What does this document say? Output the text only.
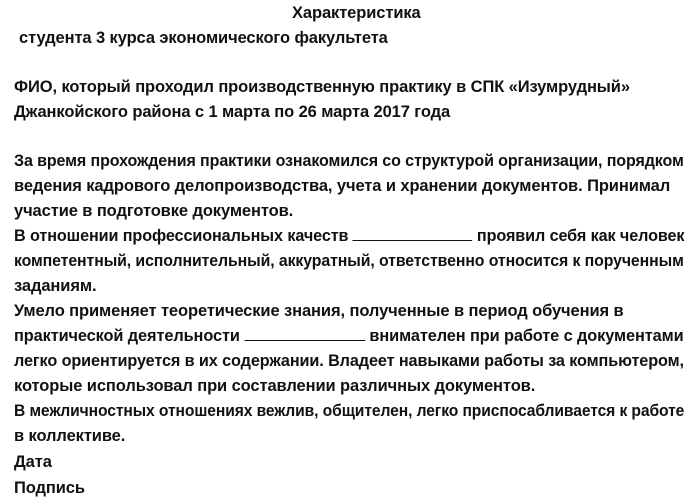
Характеристика
студента 3 курса экономического факультета
ФИО, который проходил производственную практику в СПК «Изумрудный»
Джанкойского района с 1 марта по 26 марта 2017 года
За время прохождения практики ознакомился со структурой организации, порядком
ведения кадрового делопроизводства, учета и хранении документов. Принимал
участие в подготовке документов.
В отношении профессиональных качеств	проявил себя как человек
компетентный, исполнительный, аккуратный, ответственно относится к порученным
заданиям.
Умело применяет теоретические знания, полученные в период обучения в
практической деятельности	внимателен при работе с документами
легко ориентируется в их содержании. Владеет навыками работы за компьютером,
которые использовал при составлении различных документов.
В межличностных отношениях вежлив, общителен, легко приспосабливается к работе
в коллективе.
Дата
Подпись
